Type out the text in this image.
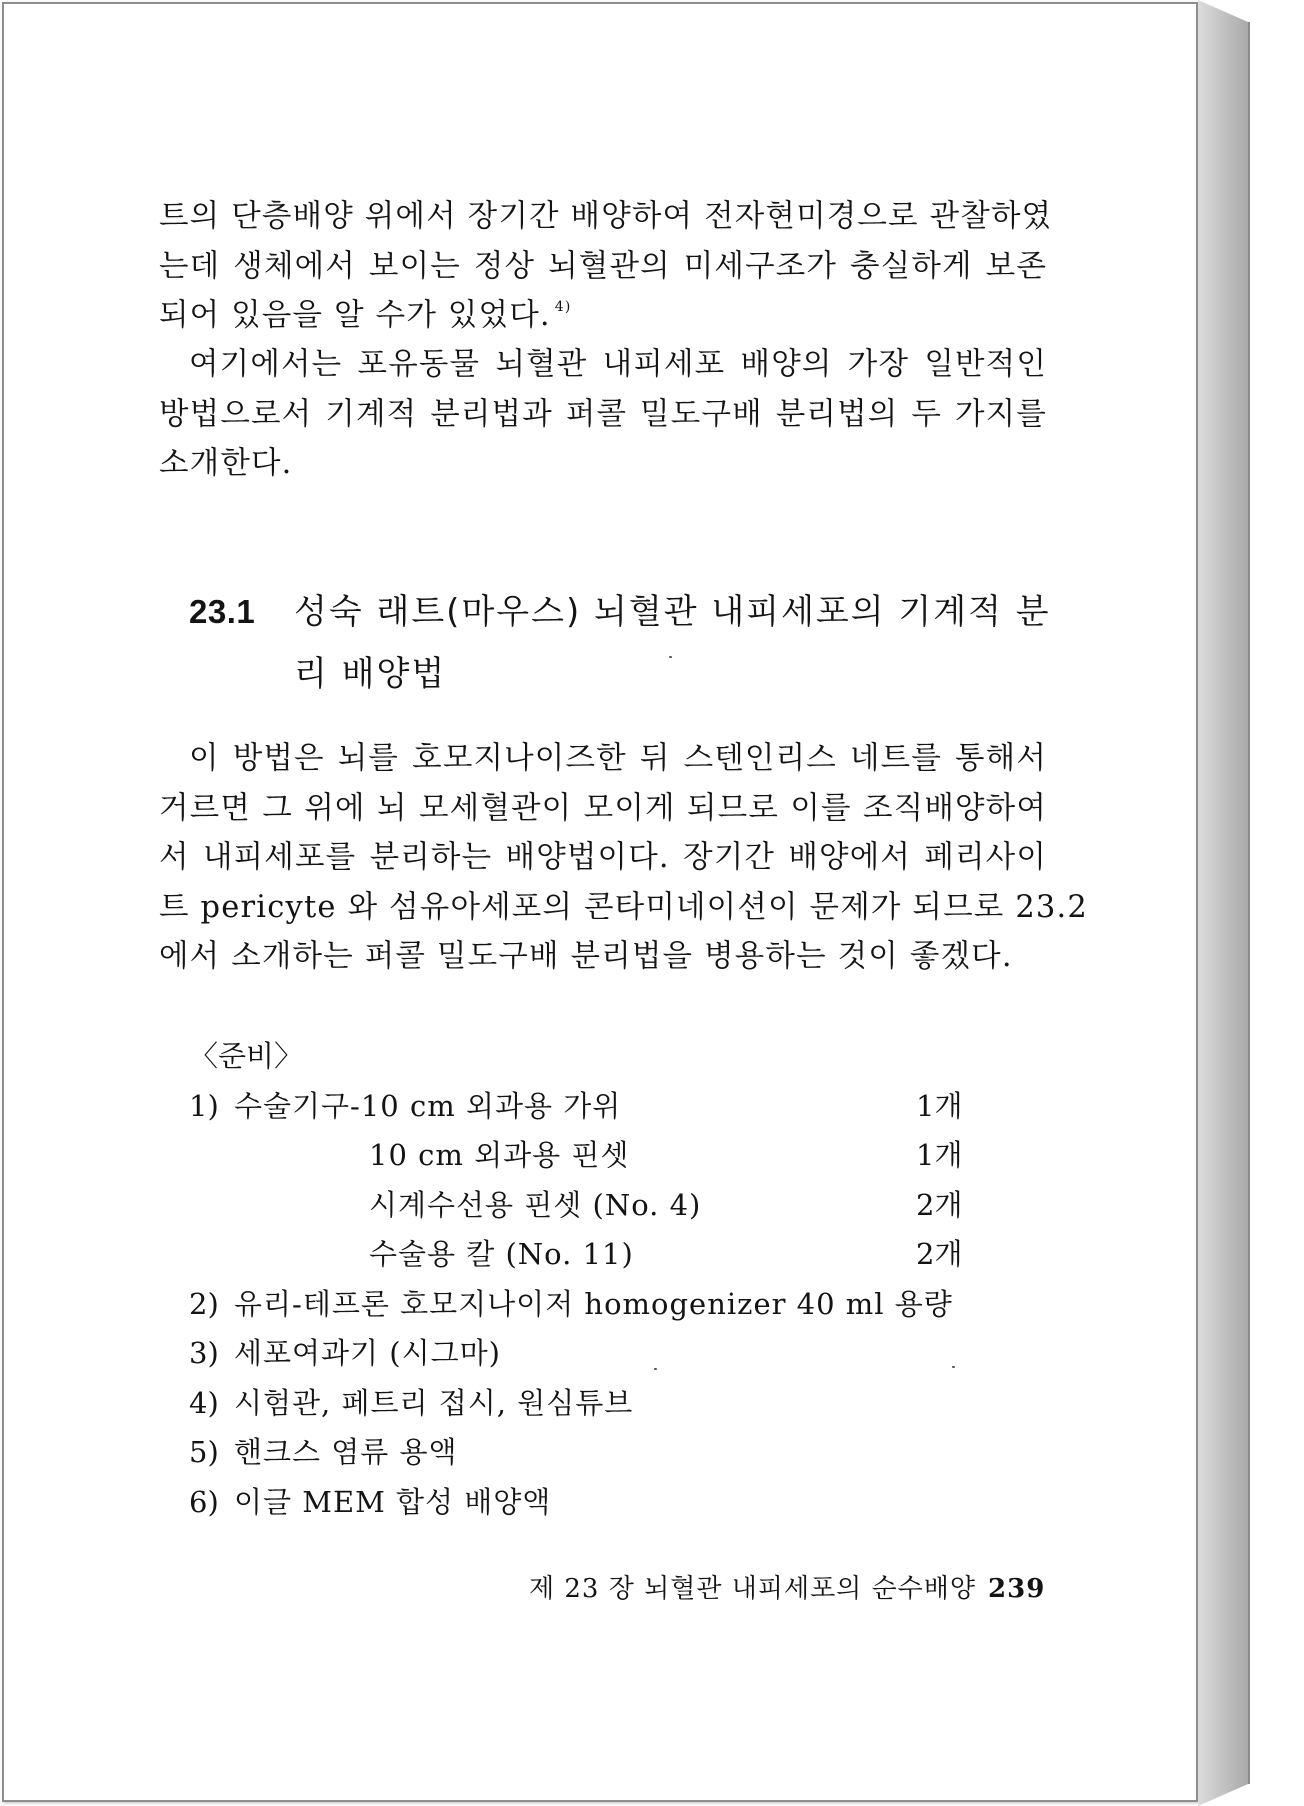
트의 단층배양 위에서 장기간 배양하여 전자현미경으로 관찰하였
는데 생체에서 보이는 정상 뇌혈관의 미세구조가 충실하게 보존
되어 있음을 알 수가 있었다. $^{4)}$

여기에서는 포유동물 뇌혈관 내피세포 배양의 가장 일반적인
방법으로서 기계적 분리법과 퍼콜 밀도구배 분리법의 두 가지를
소개한다.

23.1 성숙 래트(마우스) 뇌혈관 내피세포의 기계적 분
리 배양법

이 방법은 뇌를 호모지나이즈한 뒤 스텐인리스 네트를 통해서
거르면 그 위에 뇌 모세혈관이 모이게 되므로 이를 조직배양하여
서 내피세포를 분리하는 배양법이다. 장기간 배양에서 페리사이
트 pericyte 와 섬유아세포의 콘타미네이션이 문제가 되므로 23.2
에서 소개하는 퍼콜 밀도구배 분리법을 병용하는 것이 좋겠다.

〈준비〉
1) 수술기구-10 cm 외과용 가위	1개
10 cm 외과용 핀셋	1개
시계수선용 핀셋 (No. 4)	2개
수술용 칼 (No. 11)	2개
2) 유리-테프론 호모지나이저 homogenizer 40 ml 용량
3) 세포여과기 (시그마)
4) 시험관, 페트리 접시, 원심튜브
5) 핸크스 염류 용액
6) 이글 MEM 합성 배양액
제 23 장 뇌혈관 내피세포의 순수배양 239
